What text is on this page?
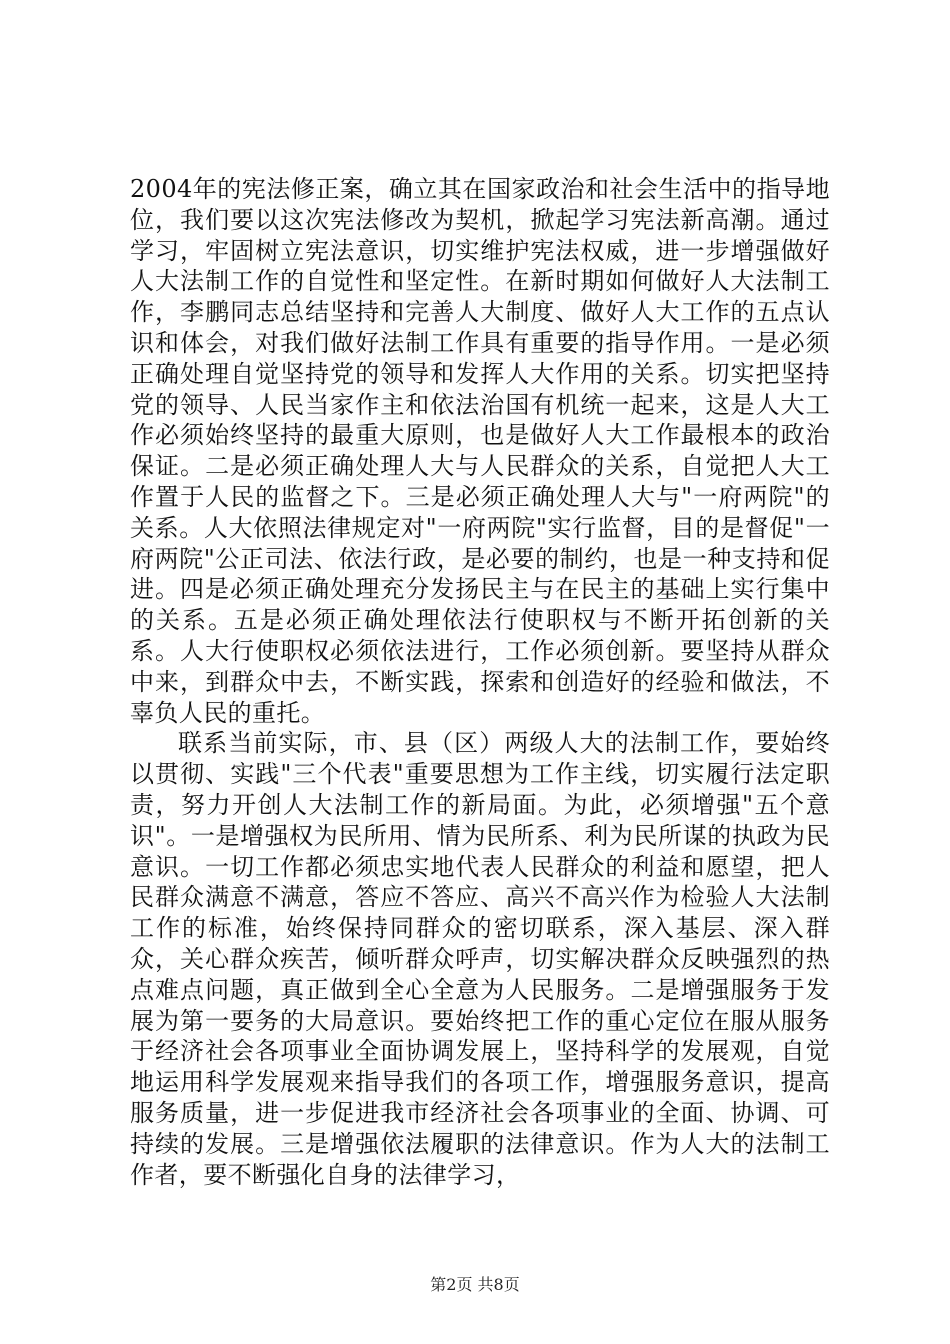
2004年的宪法修正案，确立其在国家政治和社会生活中的指导地位，我们要以这次宪法修改为契机，掀起学习宪法新高潮。通过学习，牢固树立宪法意识，切实维护宪法权威，进一步增强做好人大法制工作的自觉性和坚定性。在新时期如何做好人大法制工作，李鹏同志总结坚持和完善人大制度、做好人大工作的五点认识和体会，对我们做好法制工作具有重要的指导作用。一是必须正确处理自觉坚持党的领导和发挥人大作用的关系。切实把坚持党的领导、人民当家作主和依法治国有机统一起来，这是人大工作必须始终坚持的最重大原则，也是做好人大工作最根本的政治保证。二是必须正确处理人大与人民群众的关系，自觉把人大工作置于人民的监督之下。三是必须正确处理人大与"一府两院"的关系。人大依照法律规定对"一府两院"实行监督，目的是督促"一府两院"公正司法、依法行政，是必要的制约，也是一种支持和促进。四是必须正确处理充分发扬民主与在民主的基础上实行集中的关系。五是必须正确处理依法行使职权与不断开拓创新的关系。人大行使职权必须依法进行，工作必须创新。要坚持从群众中来，到群众中去，不断实践，探索和创造好的经验和做法，不辜负人民的重托。

联系当前实际，市、县（区）两级人大的法制工作，要始终以贯彻、实践"三个代表"重要思想为工作主线，切实履行法定职责，努力开创人大法制工作的新局面。为此，必须增强"五个意识"。一是增强权为民所用、情为民所系、利为民所谋的执政为民意识。一切工作都必须忠实地代表人民群众的利益和愿望，把人民群众满意不满意，答应不答应、高兴不高兴作为检验人大法制工作的标准，始终保持同群众的密切联系，深入基层、深入群众，关心群众疾苦，倾听群众呼声，切实解决群众反映强烈的热点难点问题，真正做到全心全意为人民服务。二是增强服务于发展为第一要务的大局意识。要始终把工作的重心定位在服从服务于经济社会各项事业全面协调发展上，坚持科学的发展观，自觉地运用科学发展观来指导我们的各项工作，增强服务意识，提高服务质量，进一步促进我市经济社会各项事业的全面、协调、可持续的发展。三是增强依法履职的法律意识。作为人大的法制工作者，要不断强化自身的法律学习，

第2页 共8页
